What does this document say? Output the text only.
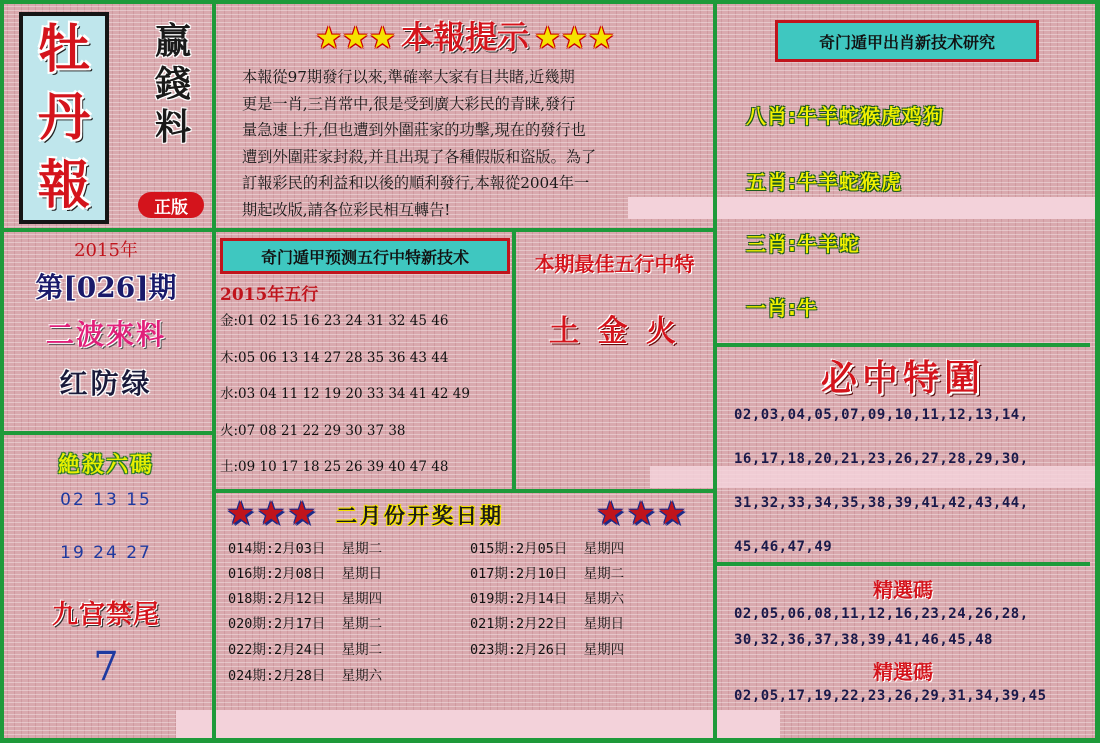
牡
丹
報
赢
錢
料
正版
★★★ 本報提示 ★★★
本報從97期發行以來,準確率大家有目共睹,近幾期
更是一肖,三肖常中,很是受到廣大彩民的青睐,發行
量急速上升,但也遭到外圍莊家的功擊,現在的發行也
遭到外圍莊家封殺,并且出現了各種假版和盜版。為了
訂報彩民的利益和以後的順利發行,本報從2004年一
期起改版,請各位彩民相互轉告!
奇门遁甲出肖新技术研究
八肖:牛羊蛇猴虎鸡狗
五肖:牛羊蛇猴虎
三肖:牛羊蛇
一肖:牛
2015年
第[026]期
二波來料
红防绿
奇门遁甲预测五行中特新技术
2015年五行
金:01 02 15 16 23 24 31 32 45 46
木:05 06 13 14 27 28 35 36 43 44
水:03 04 11 12 19 20 33 34 41 42 49
火:07 08 21 22 29 30 37 38
土:09 10 17 18 25 26 39 40 47 48
本期最佳五行中特
土 金 火
必中特圍
02,03,04,05,07,09,10,11,12,13,14,
16,17,18,20,21,23,26,27,28,29,30,
31,32,33,34,35,38,39,41,42,43,44,
45,46,47,49
絶殺六碼
02 13 15
19 24 27
九宫禁尾
7
★★★ 二月份开奖日期	★★★
014期:2月03日  星期二	015期:2月05日  星期四
016期:2月08日  星期日	017期:2月10日  星期二
018期:2月12日  星期四	019期:2月14日  星期六
020期:2月17日  星期二	021期:2月22日  星期日
022期:2月24日  星期二	023期:2月26日  星期四
024期:2月28日  星期六
精選碼
02,05,06,08,11,12,16,23,24,26,28,
30,32,36,37,38,39,41,46,45,48
精選碼
02,05,17,19,22,23,26,29,31,34,39,45
